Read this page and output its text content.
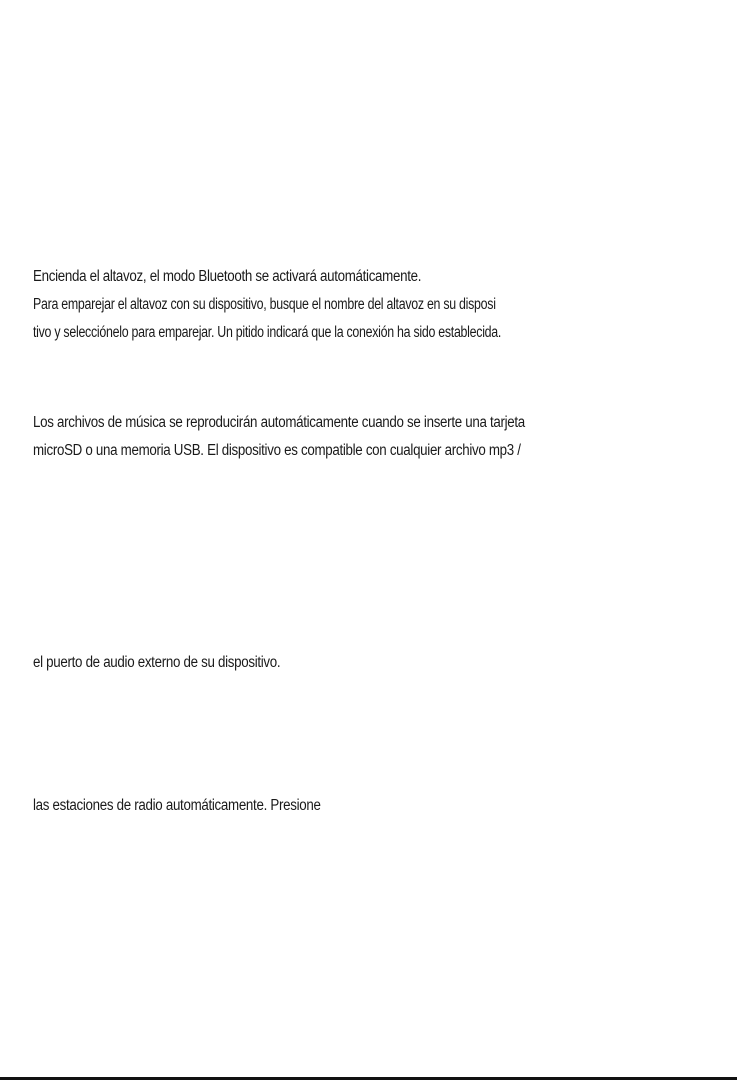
Encienda el altavoz, el modo Bluetooth se activará automáticamente.
Para emparejar el altavoz con su dispositivo, busque el nombre del altavoz en su disposi
tivo y selecciónelo para emparejar. Un pitido indicará que la conexión ha sido establecida.
Los archivos de música se reproducirán automáticamente cuando se inserte una tarjeta
microSD o una memoria USB. El dispositivo es compatible con cualquier archivo mp3 /
el puerto de audio externo de su dispositivo.
las estaciones de radio automáticamente. Presione
